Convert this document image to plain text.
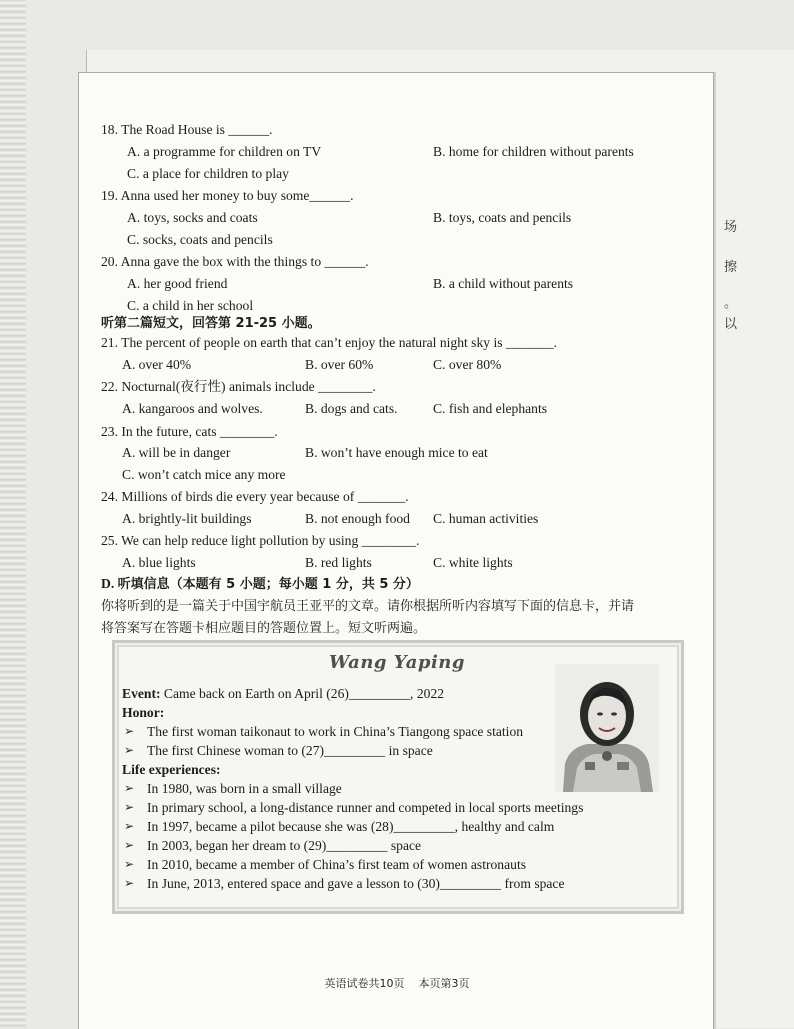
场
擦
。
以
18. The Road House is ______.
A. a programme for children on TV	B. home for children without parents
C. a place for children to play
19. Anna used her money to buy some______.
A. toys, socks and coats	B. toys, coats and pencils
C. socks, coats and pencils
20. Anna gave the box with the things to ______.
A. her good friend	B. a child without parents
C. a child in her school
听第二篇短文，回答第 21-25 小题。
21. The percent of people on earth that can’t enjoy the natural night sky is _______.
A. over 40%	B. over 60%	C. over 80%
22. Nocturnal(夜行性) animals include ________.
A. kangaroos and wolves.	B. dogs and cats.	C. fish and elephants
23. In the future, cats ________.
A. will be in danger	B. won’t have enough mice to eat
C. won’t catch mice any more
24. Millions of birds die every year because of _______.
A. brightly-lit buildings	B. not enough food C. human activities
25. We can help reduce light pollution by using ________.
A. blue lights	B. red lights	C. white lights
D. 听填信息（本题有 5 小题；每小题 1 分，共 5 分）
你将听到的是一篇关于中国宇航员王亚平的文章。请你根据所听内容填写下面的信息卡，并请
将答案写在答题卡相应题目的答题位置上。短文听两遍。
Wang Yaping
Event: Came back on Earth on April (26)_________, 2022
Honor:
➢ The first woman taikonaut to work in China’s Tiangong space station
➢ The first Chinese woman to (27)_________ in space
Life experiences:
➢ In 1980, was born in a small village
➢ In primary school, a long-distance runner and competed in local sports meetings
➢ In 1997, became a pilot because she was (28)_________, healthy and calm
➢ In 2003, began her dream to (29)_________ space
➢ In 2010, became a member of China’s first team of women astronauts
➢ In June, 2013, entered space and gave a lesson to (30)_________ from space
英语试卷共10页 本页第3页
